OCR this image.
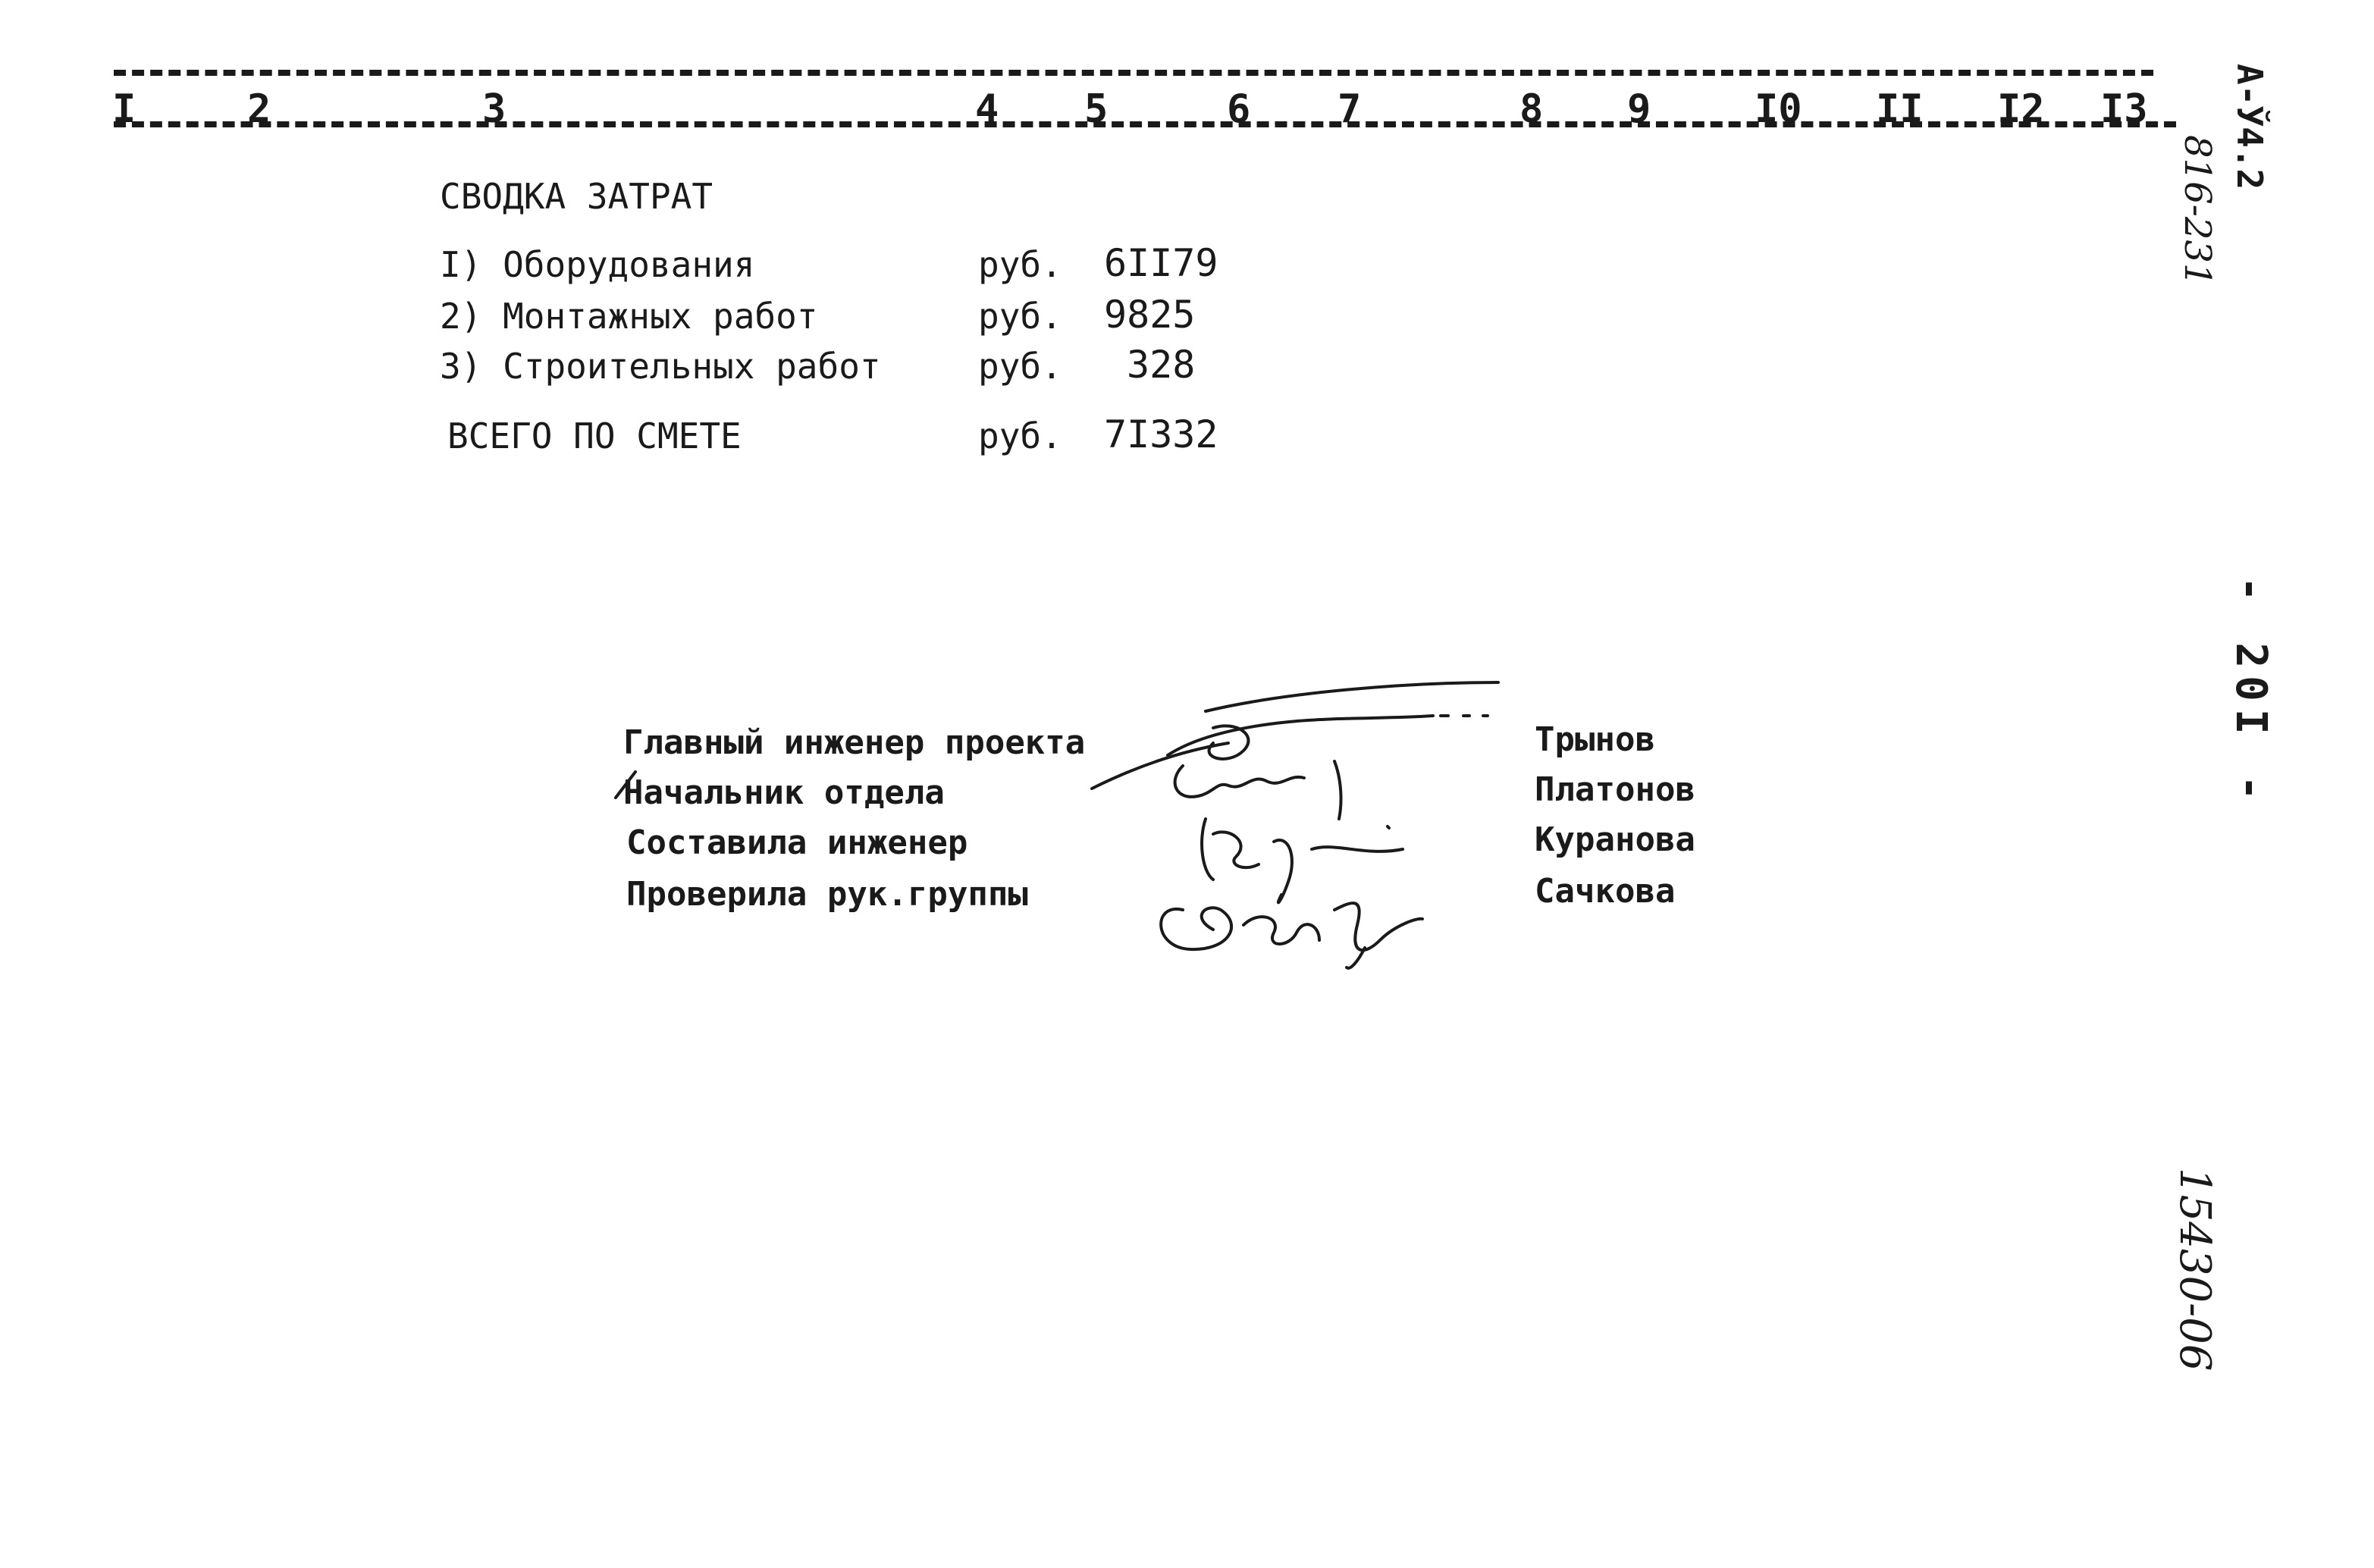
I	2	3	4 5	6 7	8 9	I0 II I2 I3 А-Ў4.2
816-231
- 20I -
15430-06
СВОДКА ЗАТРАТ
I) Оборудования	руб. 6II79
2) Монтажных работ	руб. 9825
3) Строительных работ	руб. 328
ВСЕГО ПО СМЕТЕ	руб. 7I332
Главный инженер проекта	Трынов
Начальник отдела	Платонов
Составила инженер	Куранова
Проверила рук.группы	Сачкова
